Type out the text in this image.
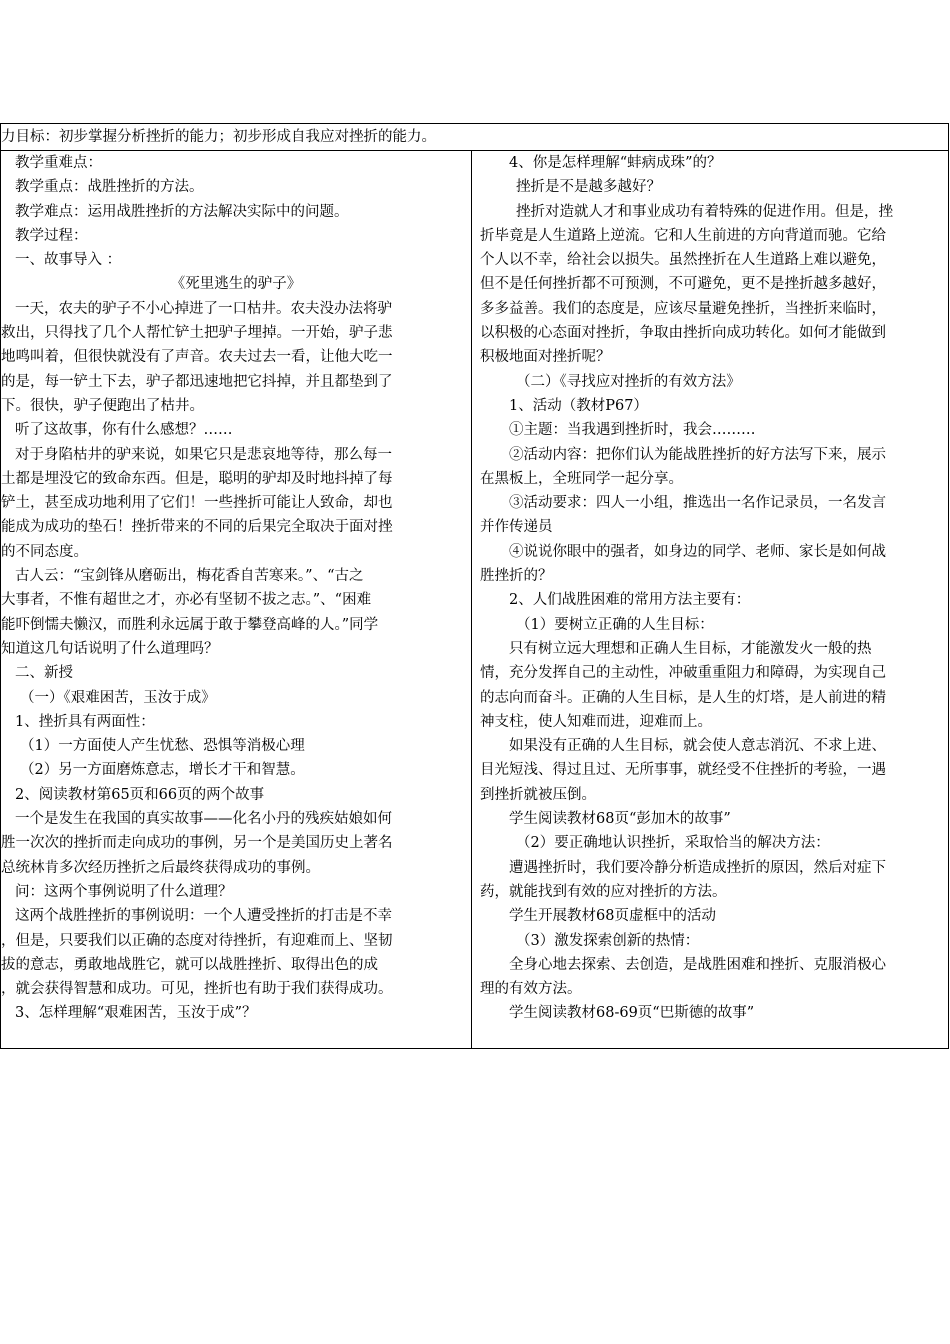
力目标：初步掌握分析挫折的能力；初步形成自我应对挫折的能力。
教学重难点：
教学重点：战胜挫折的方法。
教学难点：运用战胜挫折的方法解决实际中的问题。
教学过程：
一、故事导入 ：
《死里逃生的驴子》
一天，农夫的驴子不小心掉进了一口枯井。农夫没办法将驴
救出，只得找了几个人帮忙铲土把驴子埋掉。一开始，驴子悲
地鸣叫着，但很快就没有了声音。农夫过去一看，让他大吃一
的是，每一铲土下去，驴子都迅速地把它抖掉，并且都垫到了
下。很快，驴子便跑出了枯井。
听了这故事，你有什么感想？……
对于身陷枯井的驴来说，如果它只是悲哀地等待，那么每一
土都是埋没它的致命东西。但是，聪明的驴却及时地抖掉了每
铲土，甚至成功地利用了它们！一些挫折可能让人致命，却也
能成为成功的垫石！挫折带来的不同的后果完全取决于面对挫
的不同态度。
古人云：“宝剑锋从磨砺出，梅花香自苦寒来。”、“古之
大事者，不惟有超世之才，亦必有坚韧不拔之志。”、“困难
能吓倒懦夫懒汉，而胜利永远属于敢于攀登高峰的人。”同学
知道这几句话说明了什么道理吗？
二、新授
（一）《艰难困苦，玉汝于成》
1、挫折具有两面性：
（1）一方面使人产生忧愁、恐惧等消极心理
（2）另一方面磨炼意志，增长才干和智慧。
2、阅读教材第65页和66页的两个故事
一个是发生在我国的真实故事——化名小丹的残疾姑娘如何
胜一次次的挫折而走向成功的事例，另一个是美国历史上著名
总统林肯多次经历挫折之后最终获得成功的事例。
问：这两个事例说明了什么道理？
这两个战胜挫折的事例说明：一个人遭受挫折的打击是不幸
，但是，只要我们以正确的态度对待挫折，有迎难而上、坚韧
拔的意志，勇敢地战胜它，就可以战胜挫折、取得出色的成
，就会获得智慧和成功。可见，挫折也有助于我们获得成功。
3、怎样理解“艰难困苦，玉汝于成”？
4、你是怎样理解“蚌病成珠”的？
挫折是不是越多越好？
挫折对造就人才和事业成功有着特殊的促进作用。但是，挫
折毕竟是人生道路上逆流。它和人生前进的方向背道而驰。它给
个人以不幸，给社会以损失。虽然挫折在人生道路上难以避免，
但不是任何挫折都不可预测，不可避免，更不是挫折越多越好，
多多益善。我们的态度是，应该尽量避免挫折，当挫折来临时，
以积极的心态面对挫折，争取由挫折向成功转化。如何才能做到
积极地面对挫折呢？
（二）《寻找应对挫折的有效方法》
1、活动（教材P67）
①主题：当我遇到挫折时，我会………
②活动内容：把你们认为能战胜挫折的好方法写下来，展示
在黑板上，全班同学一起分享。
③活动要求：四人一小组，推选出一名作记录员，一名发言
并作传递员
④说说你眼中的强者，如身边的同学、老师、家长是如何战
胜挫折的？
2、人们战胜困难的常用方法主要有：
（1）要树立正确的人生目标：
只有树立远大理想和正确人生目标，才能激发火一般的热
情，充分发挥自己的主动性，冲破重重阻力和障碍，为实现自己
的志向而奋斗。正确的人生目标，是人生的灯塔，是人前进的精
神支柱，使人知难而进，迎难而上。
如果没有正确的人生目标，就会使人意志消沉、不求上进、
目光短浅、得过且过、无所事事，就经受不住挫折的考验，一遇
到挫折就被压倒。
学生阅读教材68页“彭加木的故事”
（2）要正确地认识挫折，采取恰当的解决方法：
遭遇挫折时，我们要冷静分析造成挫折的原因，然后对症下
药，就能找到有效的应对挫折的方法。
学生开展教材68页虚框中的活动
（3）激发探索创新的热情：
全身心地去探索、去创造，是战胜困难和挫折、克服消极心
理的有效方法。
学生阅读教材68-69页“巴斯德的故事”
